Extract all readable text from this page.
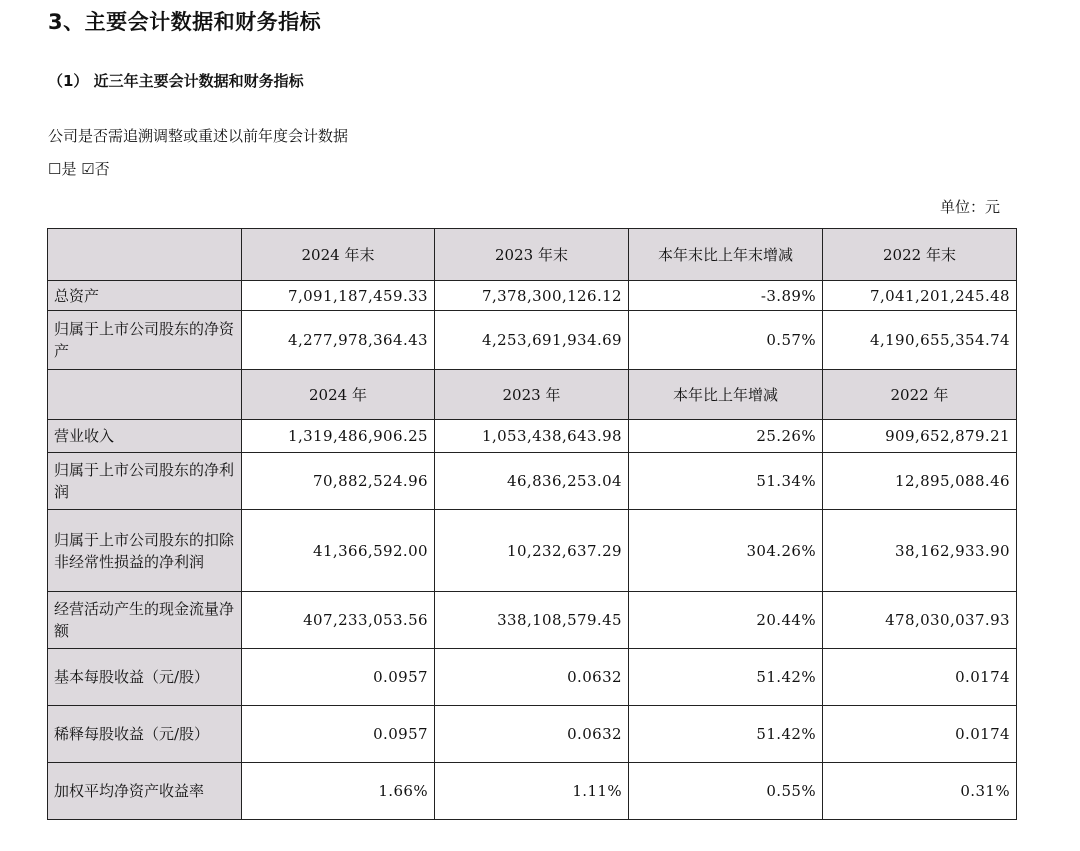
3、主要会计数据和财务指标
（1） 近三年主要会计数据和财务指标
公司是否需追溯调整或重述以前年度会计数据
☐是 ☑否
单位：元
	2024 年末	2023 年末	本年末比上年末增减	2022 年末
总资产	7,091,187,459.33	7,378,300,126.12	-3.89%	7,041,201,245.48
归属于上市公司股东的净资产	4,277,978,364.43	4,253,691,934.69	0.57%	4,190,655,354.74
	2024 年	2023 年	本年比上年增减	2022 年
营业收入	1,319,486,906.25	1,053,438,643.98	25.26%	909,652,879.21
归属于上市公司股东的净利润	70,882,524.96	46,836,253.04	51.34%	12,895,088.46
归属于上市公司股东的扣除非经常性损益的净利润	41,366,592.00	10,232,637.29	304.26%	38,162,933.90
经营活动产生的现金流量净额	407,233,053.56	338,108,579.45	20.44%	478,030,037.93
基本每股收益（元/股）	0.0957	0.0632	51.42%	0.0174
稀释每股收益（元/股）	0.0957	0.0632	51.42%	0.0174
加权平均净资产收益率	1.66%	1.11%	0.55%	0.31%
